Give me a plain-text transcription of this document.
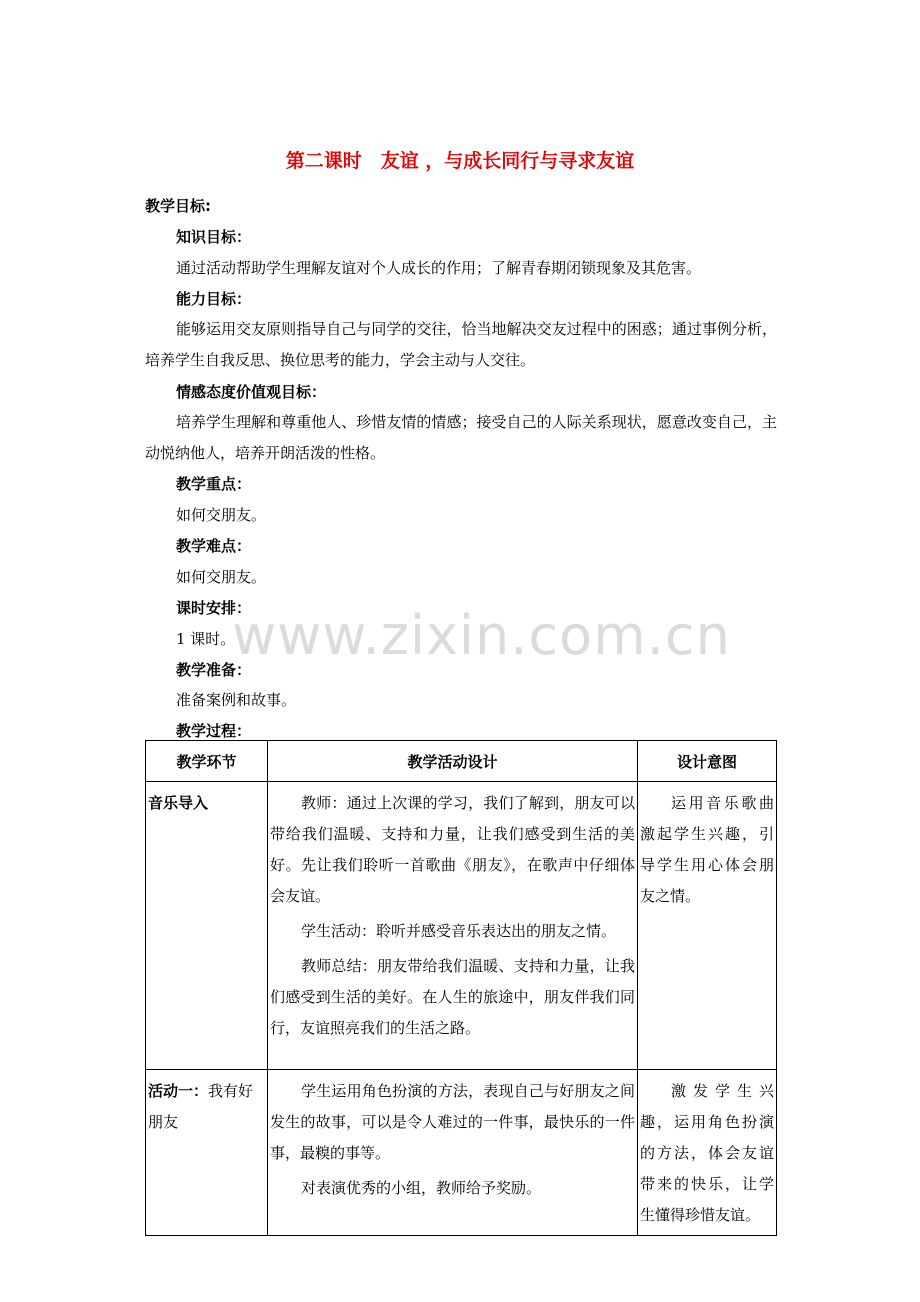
第二课时　友谊 ，与成长同行与寻求友谊
www.zixin.com.cn
教学目标:
知识目标：
通过活动帮助学生理解友谊对个人成长的作用；了解青春期闭锁现象及其危害。
能力目标：
能够运用交友原则指导自己与同学的交往，恰当地解决交友过程中的困惑；通过事例分析，培养学生自我反思、换位思考的能力，学会主动与人交往。
情感态度价值观目标：
培养学生理解和尊重他人、珍惜友情的情感；接受自己的人际关系现状，愿意改变自己，主动悦纳他人，培养开朗活泼的性格。
教学重点：
如何交朋友。
教学难点：
如何交朋友。
课时安排：
1 课时。
教学准备：
准备案例和故事。
教学过程：
教学环节	教学活动设计	设计意图

音乐导入	教师：通过上次课的学习，我们了解到，朋友可以带给我们温暖、支持和力量，让我们感受到生活的美好。先让我们聆听一首歌曲《朋友》，在歌声中仔细体会友谊。

学生活动：聆听并感受音乐表达出的朋友之情。

教师总结：朋友带给我们温暖、支持和力量，让我们感受到生活的美好。在人生的旅途中，朋友伴我们同行，友谊照亮我们的生活之路。	运用音乐歌曲激起学生兴趣，引导学生用心体会朋友之情。

活动一：我有好朋友	学生运用角色扮演的方法，表现自己与好朋友之间发生的故事，可以是令人难过的一件事，最快乐的一件事，最糗的事等。

对表演优秀的小组，教师给予奖励。	激发学生兴趣，运用角色扮演的方法，体会友谊带来的快乐，让学生懂得珍惜友谊。
